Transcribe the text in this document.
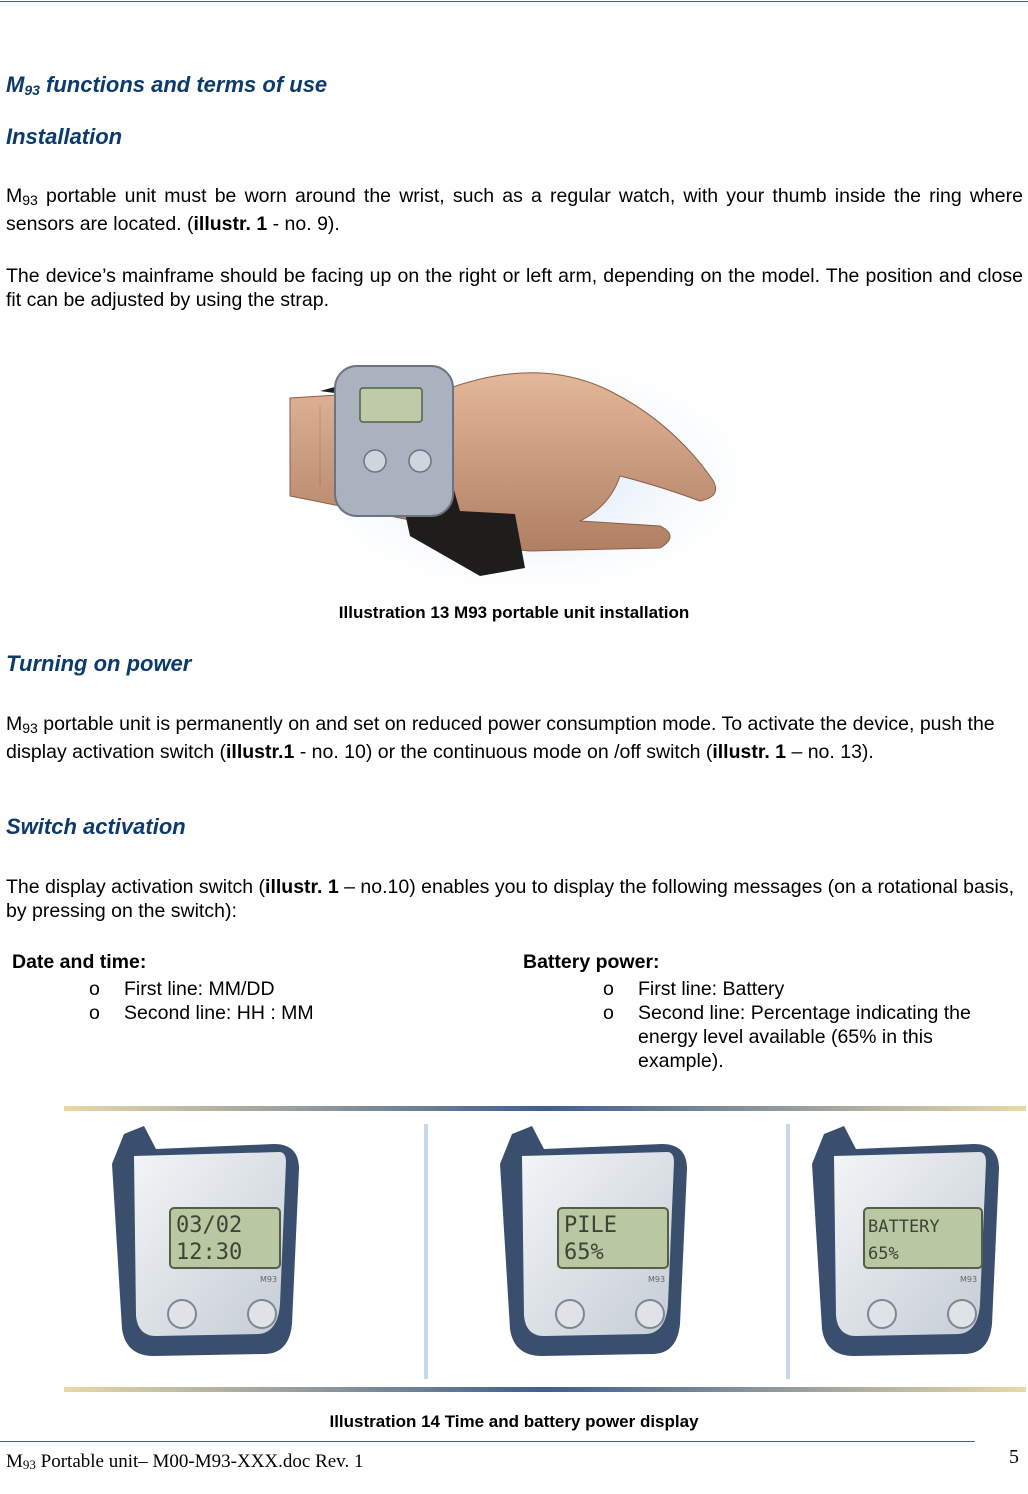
$M_{93}$ functions and terms of use
Installation

$M_{93}$ portable unit must be worn around the wrist, such as a regular watch, with your thumb inside the ring where sensors are located. (illustr. 1 - no. 9).

The device’s mainframe should be facing up on the right or left arm, depending on the model. The position and close fit can be adjusted by using the strap.

Illustration 13 M93 portable unit installation

Turning on power

$M_{93}$ portable unit is permanently on and set on reduced power consumption mode. To activate the device, push the display activation switch (illustr.1 - no. 10) or the continuous mode on /off switch (illustr. 1 – no. 13).

Switch activation

The display activation switch (illustr. 1 – no.10) enables you to display the following messages (on a rotational basis, by pressing on the switch):

Date and time:

o First line: MM/DD

o Second line: HH : MM

Battery power:

o First line: Battery

o Second line: Percentage indicating the energy level available (65% in this example).

03/02
12:30
M93
PILE
65%
M93
BATTERY
65%
M93

Illustration 14 Time and battery power display

M93 Portable unit– M00-M93-XXX.doc Rev. 1	5
